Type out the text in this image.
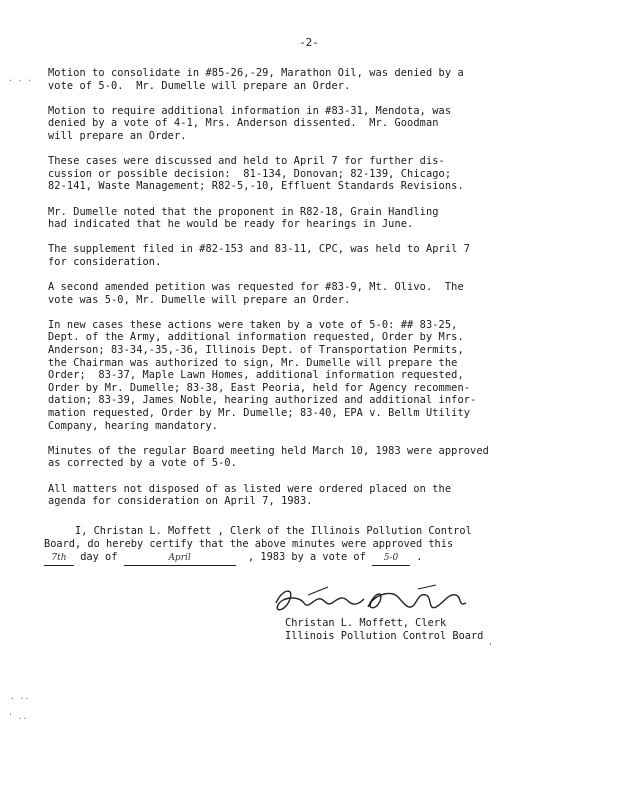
-2-
. . . Motion to consolidate in #85-26,-29, Marathon Oil, was denied by a
vote of 5-0.  Mr. Dumelle will prepare an Order.

Motion to require additional information in #83-31, Mendota, was
denied by a vote of 4-1, Mrs. Anderson dissented.  Mr. Goodman
will prepare an Order.

These cases were discussed and held to April 7 for further dis-
cussion or possible decision:  81-134, Donovan; 82-139, Chicago;
82-141, Waste Management; R82-5,-10, Effluent Standards Revisions.

Mr. Dumelle noted that the proponent in R82-18, Grain Handling
had indicated that he would be ready for hearings in June.

The supplement filed in #82-153 and 83-11, CPC, was held to April 7
for consideration.

A second amended petition was requested for #83-9, Mt. Olivo.  The
vote was 5-0, Mr. Dumelle will prepare an Order.

In new cases these actions were taken by a vote of 5-0: ## 83-25,
Dept. of the Army, additional information requested, Order by Mrs.
Anderson; 83-34,-35,-36, Illinois Dept. of Transportation Permits,
the Chairman was authorized to sign, Mr. Dumelle will prepare the
Order;  83-37, Maple Lawn Homes, additional information requested,
Order by Mr. Dumelle; 83-38, East Peoria, held for Agency recommen-
dation; 83-39, James Noble, hearing authorized and additional infor-
mation requested, Order by Mr. Dumelle; 83-40, EPA v. Bellm Utility
Company, hearing mandatory.

Minutes of the regular Board meeting held March 10, 1983 were approved
as corrected by a vote of 5-0.

All matters not disposed of as listed were ordered placed on the
agenda for consideration on April 7, 1983.

I, Christan L. Moffett , Clerk of the Illinois Pollution Control

Board, do hereby certify that the above minutes were approved this

7th day of	April	, 1983 by a vote of 5-0 .

Christan L. Moffett, Clerk
Illinois Pollution Control Board
. ..
' ..
'
